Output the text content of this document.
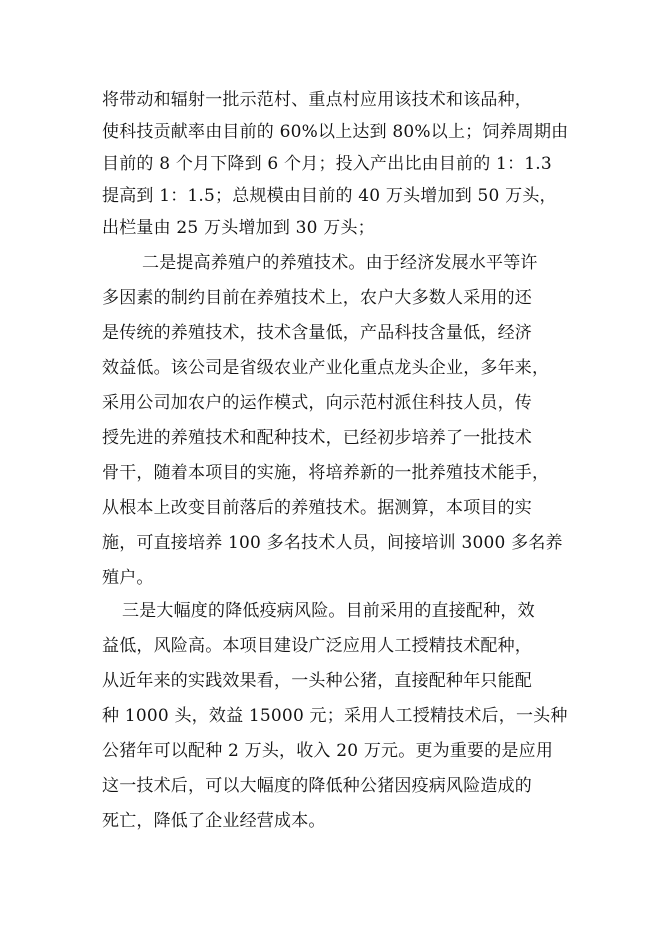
将带动和辐射一批示范村、重点村应用该技术和该品种，
使科技贡献率由目前的 60%以上达到 80%以上；饲养周期由
目前的 8 个月下降到 6 个月；投入产出比由目前的 1：1.3
提高到 1：1.5；总规模由目前的 40 万头增加到 50 万头，
出栏量由 25 万头增加到 30 万头；
二是提高养殖户的养殖技术。由于经济发展水平等许
多因素的制约目前在养殖技术上，农户大多数人采用的还
是传统的养殖技术，技术含量低，产品科技含量低，经济
效益低。该公司是省级农业产业化重点龙头企业，多年来，
采用公司加农户的运作模式，向示范村派住科技人员，传
授先进的养殖技术和配种技术，已经初步培养了一批技术
骨干，随着本项目的实施，将培养新的一批养殖技术能手，
从根本上改变目前落后的养殖技术。据测算，本项目的实
施，可直接培养 100 多名技术人员，间接培训 3000 多名养
殖户。
三是大幅度的降低疫病风险。目前采用的直接配种，效
益低，风险高。本项目建设广泛应用人工授精技术配种，
从近年来的实践效果看，一头种公猪，直接配种年只能配
种 1000 头，效益 15000 元；采用人工授精技术后，一头种
公猪年可以配种 2 万头，收入 20 万元。更为重要的是应用
这一技术后，可以大幅度的降低种公猪因疫病风险造成的
死亡，降低了企业经营成本。
